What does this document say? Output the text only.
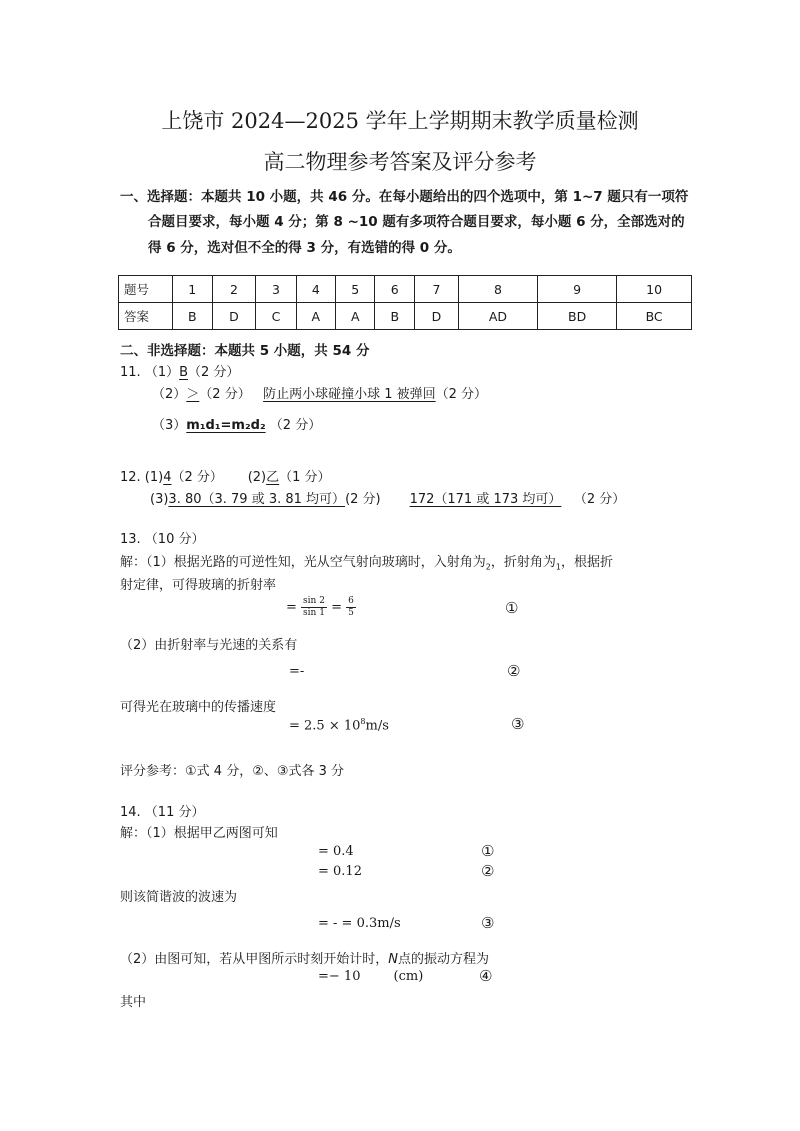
上饶市 2024—2025 学年上学期期末教学质量检测
高二物理参考答案及评分参考
一、选择题：本题共 10 小题，共 46 分。在每小题给出的四个选项中，第 1~7 题只有一项符
合题目要求，每小题 4 分；第 8 ~10 题有多项符合题目要求，每小题 6 分，全部选对的
得 6 分，选对但不全的得 3 分，有选错的得 0 分。
题号	1	2	3	4	5	6	7	8	9	10
答案	B	D	C	A	A	B	D	AD	BD	BC
二、非选择题：本题共 5 小题，共 54 分
11. （1）B（2 分）
（2）＞（2 分） 防止两小球碰撞小球 1 被弹回（2 分）
（3）m₁d₁=m₂d₂ （2 分）
12. (1)4（2 分） (2)乙（1 分）
(3)3. 80（3. 79 或 3. 81 均可）(2 分) 172（171 或 173 均可） （2 分）
13. （10 分）
解：（1）根据光路的可逆性知，光从空气射向玻璃时，入射角为$_2$，折射角为$_1$，根据折
射定律，可得玻璃的折射率
= $\frac{\sin 2}{\sin 1} = \frac{6}{5}$	①
（2）由折射率与光速的关系有
=-	②
可得光在玻璃中的传播速度
= $2.5 \times 10^8m/s$	③
评分参考：①式 4 分，②、③式各 3 分
14. （11 分）
解：（1）根据甲乙两图可知
= 0.4	①
= 0.12	②
则该简谐波的波速为
= - = 0.3m/s	③
（2）由图可知，若从甲图所示时刻开始计时，N点的振动方程为
=− 10	(cm)	④
其中
